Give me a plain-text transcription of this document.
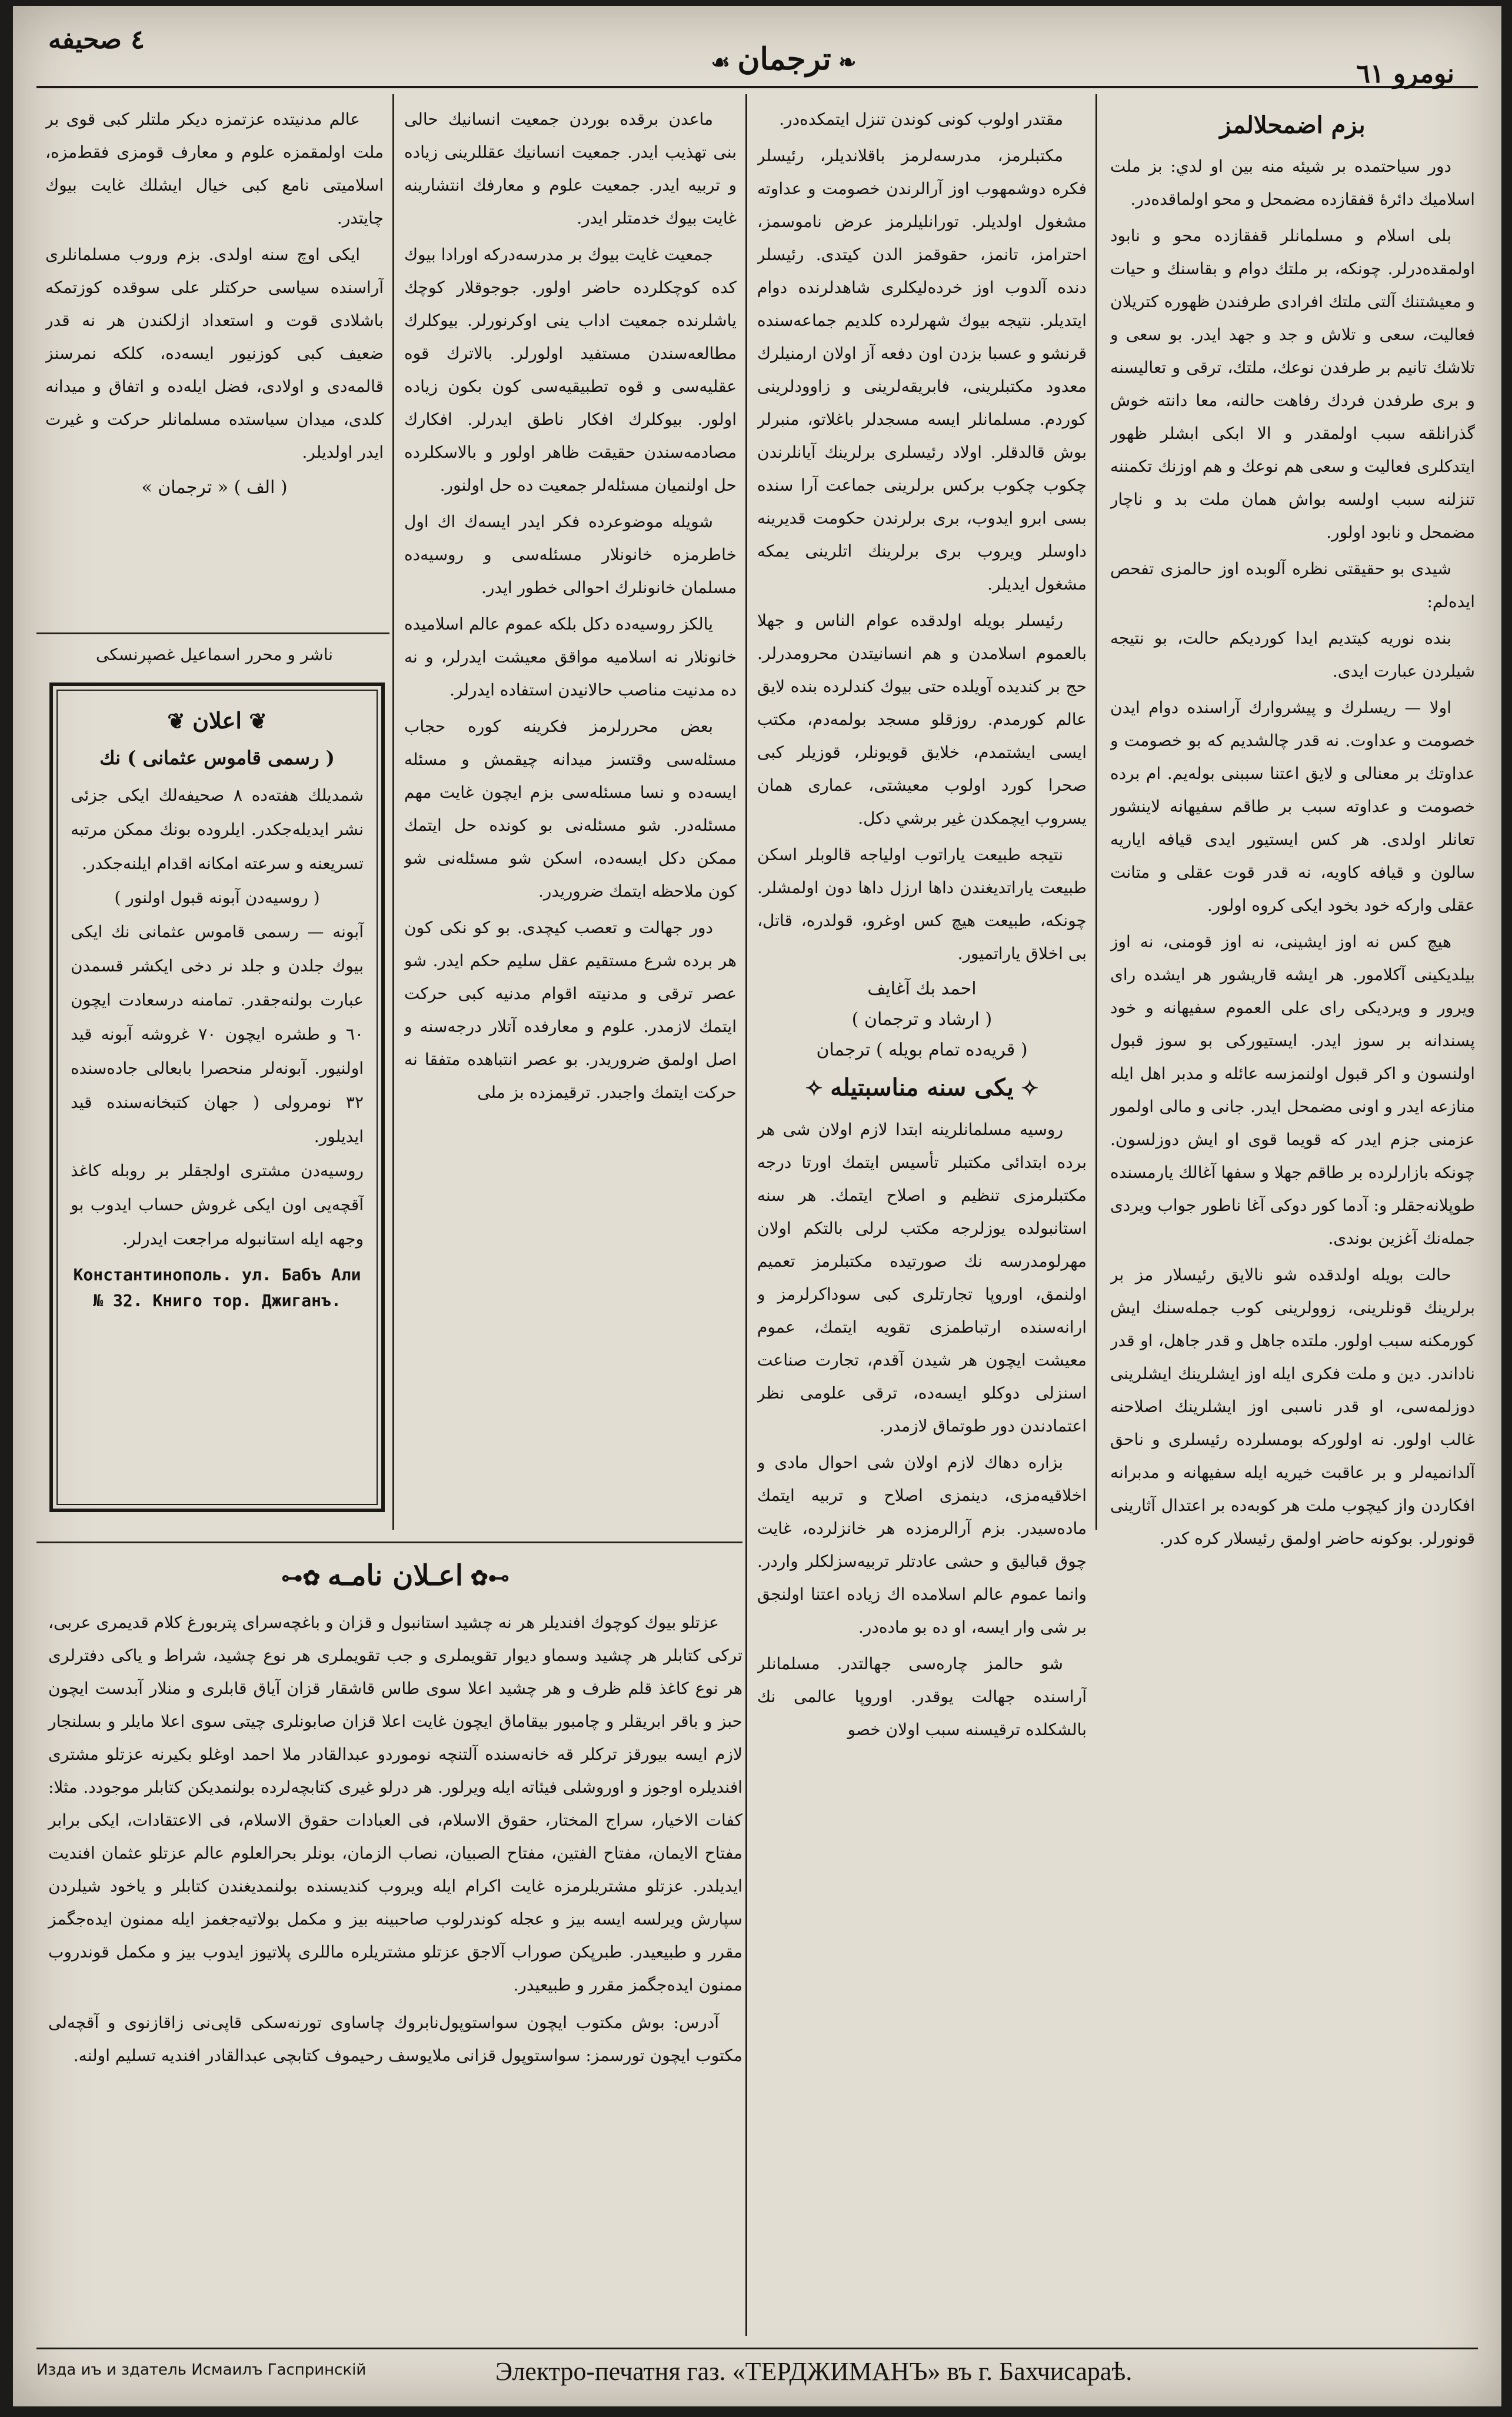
٤ صحيفه
❧ ترجمان ☙	نومرو ٦١
بزم اضمحلالمز

دور سياحتمده بر شيئه منه بين او لدي: بز ملت اسلاميك دائرهٔ قفقازده مضمحل و محو اولماقده‌در.

بلى اسلام و مسلمانلر قفقازده محو و نابود اولمقده‌درلر. چونكه، بر ملتك دوام و بقاسنك و حيات و معيشتنك آلتى ملتك افرادى طرفندن ظهوره كتريلان فعاليت، سعى و تلاش و جد و جهد ايدر. بو سعى و تلاشك تانيم بر طرفدن نوعك، ملتك، ترقى و تعاليسنه و برى طرفدن فردك رفاهت حالنه، معا دانته خوش گذرانلقه سبب اولمقدر و الا ابكى ابشلر ظهور ايتدكلرى فعاليت و سعى هم نوعك و هم اوزنك تكمننه تنزلنه سبب اولسه بواش همان ملت بد و ناچار مضمحل و نابود اولور.

شيدى بو حقيقتى نظره آلوبده اوز حالمزى تفحص ايده‌لم:

بنده نوريه كيتديم ايدا كورديكم حالت، بو نتيجه شيلردن عبارت ايدى.

اولا — ريسلرك و پيشروارك آراسنده دوام ايدن خصومت و عداوت. نه قدر چالشديم كه بو خصومت و عداوتك بر معنالى و لايق اعتنا سببنى بوله‌يم. ام برده خصومت و عداوته سبب بر طاقم سفيهانه لاينشور تعانلر اولدى. هر كس ايستيور ايدى قيافه اياريه سالون و قيافه كاويه، نه قدر قوت عقلى و متانت عقلى واركه خود بخود ايكى كروه اولور.

هيچ كس نه اوز ايشينى، نه اوز قومنى، نه اوز بيلديكينى آكلامور. هر ايشه قاريشور هر ايشده راى ويرور و ويرديكى راى على العموم سفيهانه و خود پسندانه بر سوز ايدر. ايستيوركى بو سوز قبول اولنسون و اكر قبول اولنمزسه عائله و مدبر اهل ايله منازعه ايدر و اونى مضمحل ايدر. جانى و مالى اولمور عزمنى جزم ايدر كه قويما قوى او ايش دوزلسون. چونكه بازارلرده بر طاقم جهلا و سفها آغالك يارمسنده طوپلانه‌جقلر و: آدما كور دوكى آغا ناطور جواب ويردى جمله‌نك آغزين بوندى.

حالت بويله اولدقده شو نالايق رئيسلار مز بر برلرينك قونلرينى، زوولرينى كوب جمله‌سنك ايش كورمكنه سبب اولور. ملتده جاهل و قدر جاهل، او قدر ناداندر. دين و ملت فكرى ايله اوز ايشلرينك ايشلرينى دوزلمه‌سى، او قدر ناسبى اوز ايشلرينك اصلاحنه غالب اولور. نه اولوركه بومسلرده رئيسلرى و ناحق آلدانميه‌لر و بر عاقبت خيريه ايله سفيهانه و مدبرانه افكاردن واز كيچوب ملت هر كوبه‌ده بر اعتدال آثارينى قونورلر. بوكونه حاضر اولمق رئيسلار كره كدر.

مقتدر اولوب كونى كوندن تنزل ايتمكده‌در.

مكتبلرمز، مدرسه‌لرمز باقلانديلر، رئيسلر فكره دوشمهوب اوز آرالرندن خصومت و عداوته مشغول اولديلر. تورانليلرمز عرض ناموسمز، احترامز، تانمز، حقوقمز الدن كيتدى. رئيسلر دنده آلدوب اوز خرده‌ليكلرى شاهدلرنده دوام ايتديلر. نتيجه بيوك شهرلرده كلديم جماعه‌سنده قرنشو و عسبا بزدن اون دفعه آز اولان ارمنيلرك معدود مكتبلرينى، فابريقه‌لرينى و زاوودلرينى كوردم. مسلمانلر ايسه مسجدلر باغلاتو، منبرلر بوش قالدقلر. اولاد رئيسلرى برلرينك آيانلرندن چكوب چكوب بركس برلرينى جماعت آرا سنده بسى ابرو ايدوب، برى برلرندن حكومت قديرينه داوسلر ويروب برى برلرينك اتلرينى يمكه مشغول ايديلر.

رئيسلر بويله اولدقده عوام الناس و جهلا بالعموم اسلامدن و هم انسانيتدن محرومدرلر. حج بر كنديده آويلده حتى بيوك كندلرده بنده لايق عالم كورمدم. روزقلو مسجد بولمه‌دم، مكتب ايسى ايشتمدم، خلايق قويونلر، قوزيلر كبى صحرا كورد اولوب معيشتى، عمارى همان يسروب ايچمكدن غير برشي دكل.

نتيجه طبيعت ياراتوب اولياجه قالوبلر اسكن طبيعت ياراتديغندن داها ارزل داها دون اولمشلر. چونكه، طبيعت هيچ كس اوغرو، قولدره، قاتل، بى اخلاق ياراتميور.

احمد بك آغايف
( ارشاد و ترجمان )
( قريه‌ده تمام بويله ) ترجمان
✧ يكى سنه مناسبتيله ✧

روسيه مسلمانلرينه ابتدا لازم اولان شى هر برده ابتدائى مكتبلر تأسيس ايتمك اورتا درجه مكتبلرمزى تنظيم و اصلاح ايتمك. هر سنه استانبولده يوزلرجه مكتب لرلى بالتكم اولان مهرلومدرسه نك صورتيده مكتبلرمز تعميم اولنمق، اوروپا تجارتلرى كبى سوداكرلرمز و ارانه‌سنده ارتباطمزى تقويه ايتمك، عموم معيشت ايچون هر شيدن آقدم، تجارت صناعت اسنزلى دوكلو ايسه‌ده، ترقى علومى نظر اعتمادندن دور طوتماق لازمدر.

بزاره دهاك لازم اولان شى احوال مادى و اخلاقيه‌مزى، دينمزى اصلاح و تربيه ايتمك ماده‌سيدر. بزم آرالرمزده هر خانزلرده، غايت چوق قباليق و حشى عادتلر تربيه‌سزلكلر واردر. وانما عموم عالم اسلامده اك زياده اعتنا اولنجق بر شى وار ايسه، او ده بو ماده‌در.

شو حالمز چاره‌سى جهالتدر. مسلمانلر آراسنده جهالت يوقدر. اوروپا عالمى نك بالشكلده ترقيسنه سبب اولان خصو

ماعدن برقده بوردن جمعيت انسانيك حالى بنى تهذيب ايدر. جمعيت انسانيك عقللرينى زياده و تربيه ايدر. جمعيت علوم و معارفك انتشارينه غايت بيوك خدمتلر ايدر.

جمعيت غايت بيوك بر مدرسه‌دركه اورادا بيوك كده كوچكلرده حاضر اولور. جوجوقلار كوچك ياشلرنده جمعيت اداب ينى اوكرنورلر. بيوكلرك مطالعه‌سندن مستفيد اولورلر. بالاترك قوه عقليه‌سى و قوه تطبيقيه‌سى كون بكون زياده اولور. بيوكلرك افكار ناطق ايدرلر. افكارك مصادمه‌سندن حقيقت ظاهر اولور و بالاسكلرده حل اولنميان مسئله‌لر جمعيت ده حل اولنور.

شويله موضوعرده فكر ايدر ايسه‌ك اك اول خاطرمزه خانونلار مسئله‌سى و روسيه‌ده مسلمان خانونلرك احوالى خطور ايدر.

يالكز روسيه‌ده دكل بلكه عموم عالم اسلاميده خانونلار نه اسلاميه مواقق معيشت ايدرلر، و نه ده مدنيت مناصب حالانيدن استفاده ايدرلر.

بعض محررلرمز فكرينه كوره حجاب مسئله‌سى وقتسز ميدانه چيقمش و مسئله ايسه‌ده و نسا مسئله‌سى بزم ايچون غايت مهم مسئله‌در. شو مسئله‌نى بو كونده حل ايتمك ممكن دكل ايسه‌ده، اسكن شو مسئله‌نى شو كون ملاحظه ايتمك ضروريدر.

دور جهالت و تعصب كيچدى. بو كو نكى كون هر برده شرع مستقيم عقل سليم حكم ايدر. شو عصر ترقى و مدنيته اقوام مدنيه كبى حركت ايتمك لازمدر. علوم و معارفده آتلار درجه‌سنه و اصل اولمق ضروريدر. بو عصر انتباهده متفقا نه حركت ايتمك واجبدر. ترقيمزده بز ملى

عالم مدنيتده عزتمزه دیکر ملتلر کبی قوى بر ملت اولمقمزه علوم و معارف قومزى فقط‌مزه، اسلاميتى نامع كبى خيال ايشلك غايت بيوك چايتدر.

ايكى اوچ سنه اولدى. بزم وروب مسلمانلرى آراسنده سياسى حركتلر على سوقده كوزتمكه باشلادى قوت و استعداد ازلكندن هر نه قدر ضعيف كبى كوزنيور ايسه‌ده، كلكه نمرسنز قالمه‌دى و اولادى، فضل ايله‌ده و اتفاق و ميدانه كلدى، ميدان سياستده مسلمانلر حركت و غيرت ايدر اولديلر.

( الف ) « ترجمان »
ناشر و محرر اسماعيل غصپرنسکى
❦ اعلان ❦
( رسمى قاموس عثمانى ) نك
شمديلك هفته‌ده ٨ صحيفه‌لك ايكى جزئى نشر ايديله‌جكدر. ايلروده بونك ممكن مرتبه تسريعنه و سرعته امكانه اقدام ايلنه‌جكدر.
( روسيه‌دن آبونه قبول اولنور )
آبونه — رسمى قاموس عثمانى نك ايكى بيوك جلدن و جلد نر دخى ايكشر قسمدن عبارت بولنه‌جقدر. تمامنه درسعادت ايچون ٦٠ و طشره ايچون ٧٠ غروشه آبونه قيد اولنيور. آبونه‌لر منحصرا بابعالى جاده‌سنده ٣٢ نومرولى ( جهان كتبخانه‌سنده قيد ايديلور.
روسيه‌دن مشترى اولجقلر بر روبله كاغذ آقچه‌يى اون ايكى غروش حساب ايدوب بو وجهه ايله استانبوله مراجعت ايدرلر.
Константинополь. ул. Бабъ Али № 32. Книго тор. Джиганъ.
⊶✿ اعـلان نامـه ✿⊷

عزتلو بيوك كوچوك افنديلر هر نه چشيد استانبول و قزان و باغچه‌سراى پتربورغ كلام قديمرى عربى، تركى كتابلر هر چشيد وسماو ديوار تقويملرى و جب تقويملرى هر نوع چشيد، شراط و ياكى دفترلرى هر نوع كاغذ قلم ظرف و هر چشيد اعلا سوى طاس قاشقار قزان آياق قابلرى و منلار آبدست ايچون حبز و باقر ابريقلر و چامبور بيقاماق ايچون غايت اعلا قزان صابونلرى چيتى سوى اعلا مايلر و بسلنجار لازم ايسه بيورقز تركلر قه خانه‌سنده آلتنچه نوموردو عبدالقادر ملا احمد اوغلو بكيرنه عزتلو مشترى افنديلره اوجوز و اوروشلى فيئاته ايله ويرلور. هر درلو غيرى كتابچه‌لرده بولنمديكن كتابلر موجودد. مثلا: كفات الاخيار، سراج المختار، حقوق الاسلام، فى العبادات حقوق الاسلام، فى الاعتقادات، ايكى برابر مفتاح الايمان، مفتاح الفتين، مفتاح الصبيان، نصاب الزمان، بونلر بحرالعلوم عالم عزتلو عثمان افنديت ايديلدر. عزتلو مشتريلرمزه غايت اكرام ايله ويروب كنديسنده بولنمديغندن كتابلر و ياخود شيلردن سپارش ويرلسه ايسه بيز و عجله كوندرلوب صاحبينه بيز و مكمل بولاتيه‌جغمز ايله ممنون ايده‌جگمز مقرر و طبيعيدر. طبرپكن صوراب آلاجق عزتلو مشتريلره ماللرى پلاتيوز ايدوب بيز و مكمل قوندروب ممنون ايده‌جگمز مقرر و طبيعيدر.

آدرس: بوش مكتوب ايچون سواستوپول‌نابروك چاساوى تورنه‌سكى قاپى‌نى زاقازنوى و آقچه‌لى مكتوب ايچون تورسمز: سواستوپول قزانى ملايوسف رحيموف كتابچى عبدالقادر افنديه تسليم اولنه.

Изда иъ и здатель Исмаилъ Гаспринскій	Электро-печатня газ. «ТЕРДЖИМАНЪ» въ г. Бахчисараѣ.
